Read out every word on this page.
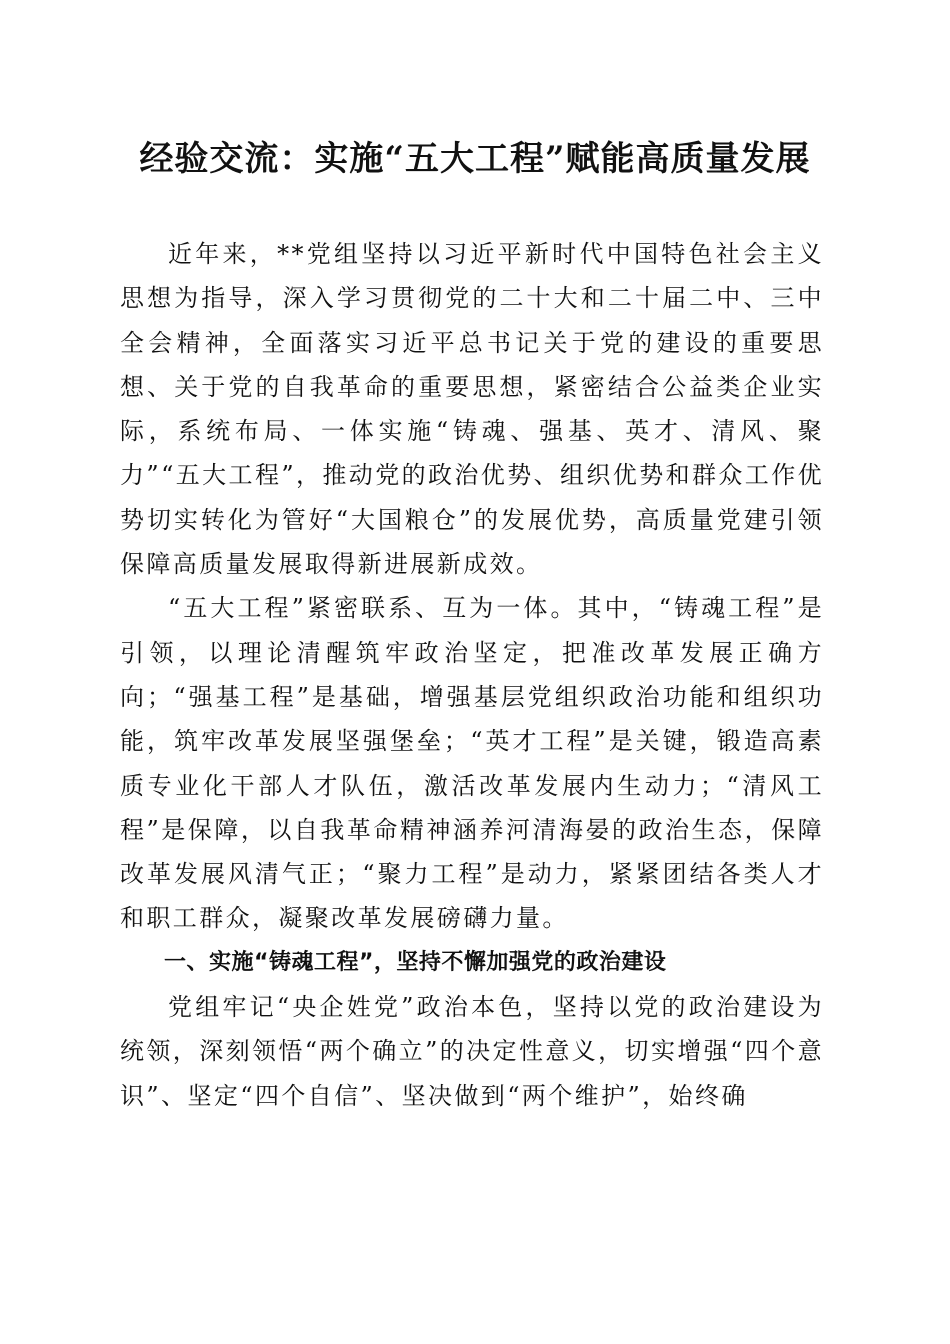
经验交流：实施“五大工程”赋能高质量发展

近年来，**党组坚持以习近平新时代中国特色社会主义思想为指导，深入学习贯彻党的二十大和二十届二中、三中全会精神，全面落实习近平总书记关于党的建设的重要思想、关于党的自我革命的重要思想，紧密结合公益类企业实际，系统布局、一体实施“铸魂、强基、英才、清风、聚力”“五大工程”，推动党的政治优势、组织优势和群众工作优势切实转化为管好“大国粮仓”的发展优势，高质量党建引领保障高质量发展取得新进展新成效。

“五大工程”紧密联系、互为一体。其中，“铸魂工程”是引领，以理论清醒筑牢政治坚定，把准改革发展正确方向；“强基工程”是基础，增强基层党组织政治功能和组织功能，筑牢改革发展坚强堡垒；“英才工程”是关键，锻造高素质专业化干部人才队伍，激活改革发展内生动力；“清风工程”是保障，以自我革命精神涵养河清海晏的政治生态，保障改革发展风清气正；“聚力工程”是动力，紧紧团结各类人才和职工群众，凝聚改革发展磅礴力量。

一、实施“铸魂工程”，坚持不懈加强党的政治建设

党组牢记“央企姓党”政治本色，坚持以党的政治建设为统领，深刻领悟“两个确立”的决定性意义，切实增强“四个意识”、坚定“四个自信”、坚决做到“两个维护”，始终确
